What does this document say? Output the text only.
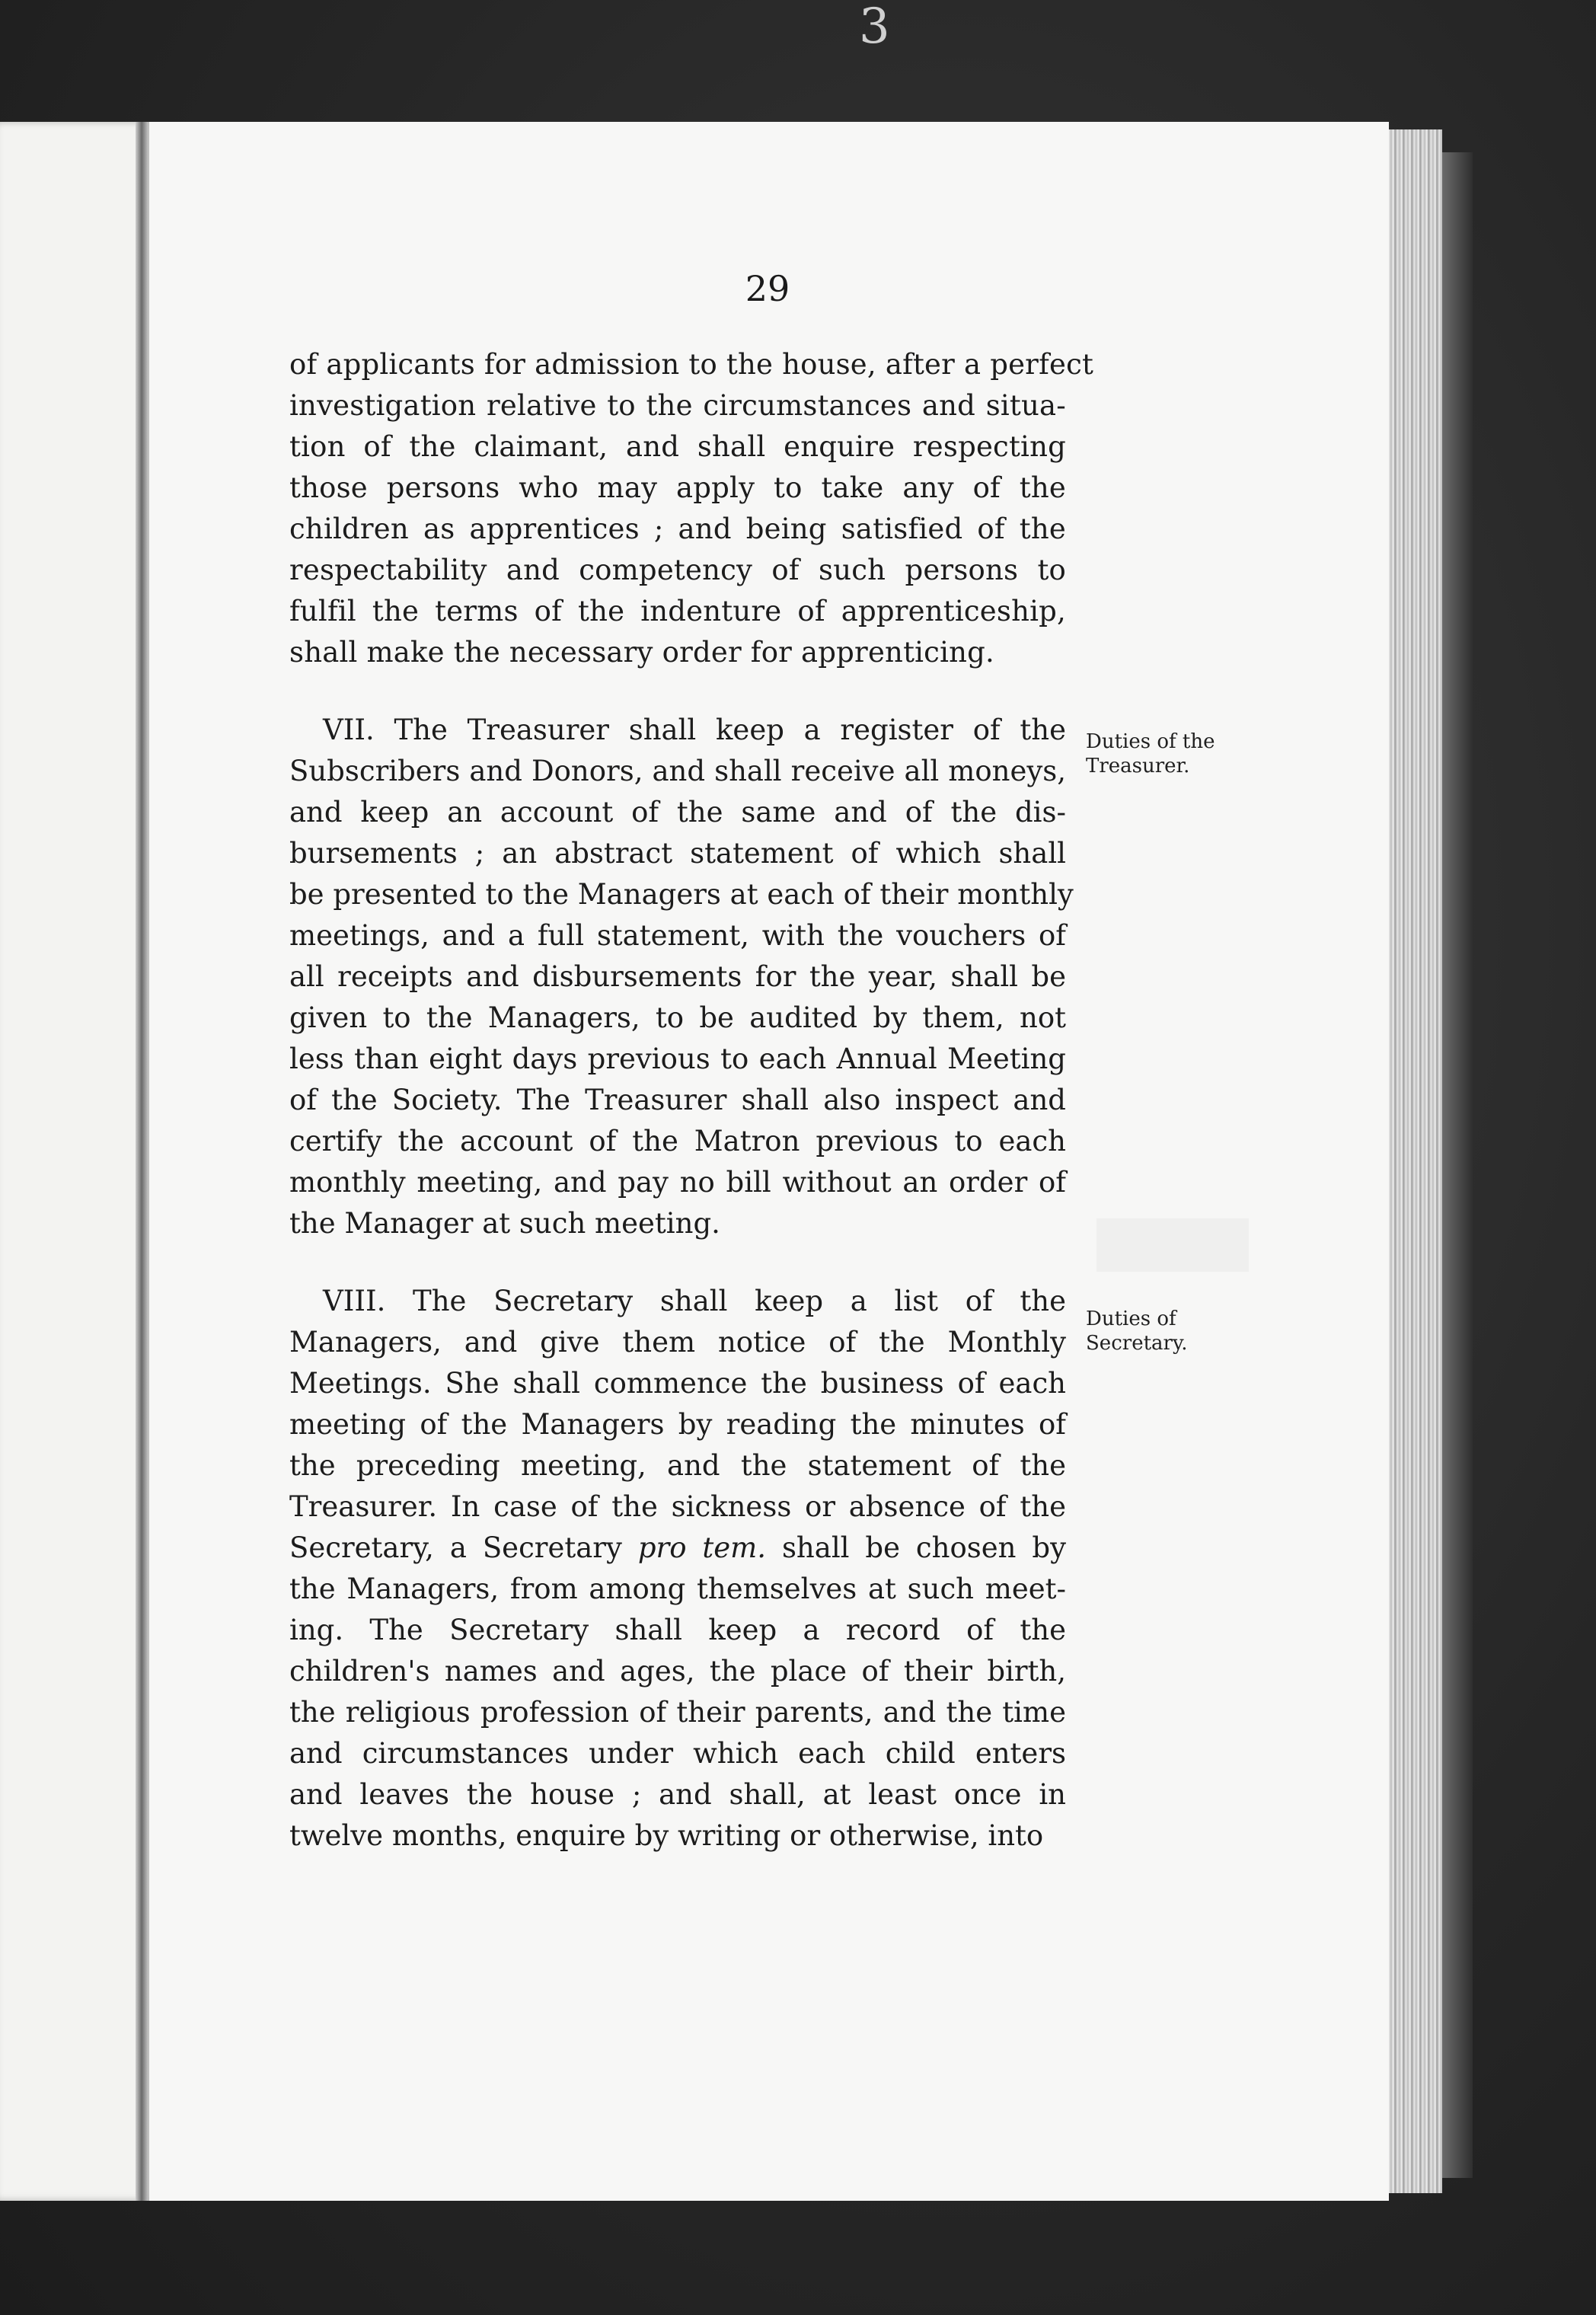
3
29
of applicants for admission to the house, after a perfect
investigation relative to the circumstances and situa-
tion of the claimant, and shall enquire respecting
those persons who may apply to take any of the
children as apprentices ; and being satisfied of the
respectability and competency of such persons to
fulfil the terms of the indenture of apprenticeship,
shall make the necessary order for apprenticing.
VII. The Treasurer shall keep a register of the
Subscribers and Donors, and shall receive all moneys,
and keep an account of the same and of the dis-
bursements ; an abstract statement of which shall
be presented to the Managers at each of their monthly
meetings, and a full statement, with the vouchers of
all receipts and disbursements for the year, shall be
given to the Managers, to be audited by them, not
less than eight days previous to each Annual Meeting
of the Society. The Treasurer shall also inspect and
certify the account of the Matron previous to each
monthly meeting, and pay no bill without an order of
the Manager at such meeting.
VIII. The Secretary shall keep a list of the
Managers, and give them notice of the Monthly
Meetings. She shall commence the business of each
meeting of the Managers by reading the minutes of
the preceding meeting, and the statement of the
Treasurer. In case of the sickness or absence of the
Secretary, a Secretary pro tem. shall be chosen by
the Managers, from among themselves at such meet-
ing. The Secretary shall keep a record of the
children's names and ages, the place of their birth,
the religious profession of their parents, and the time
and circumstances under which each child enters
and leaves the house ; and shall, at least once in
twelve months, enquire by writing or otherwise, into
Duties of the
Treasurer.
Duties of
Secretary.
